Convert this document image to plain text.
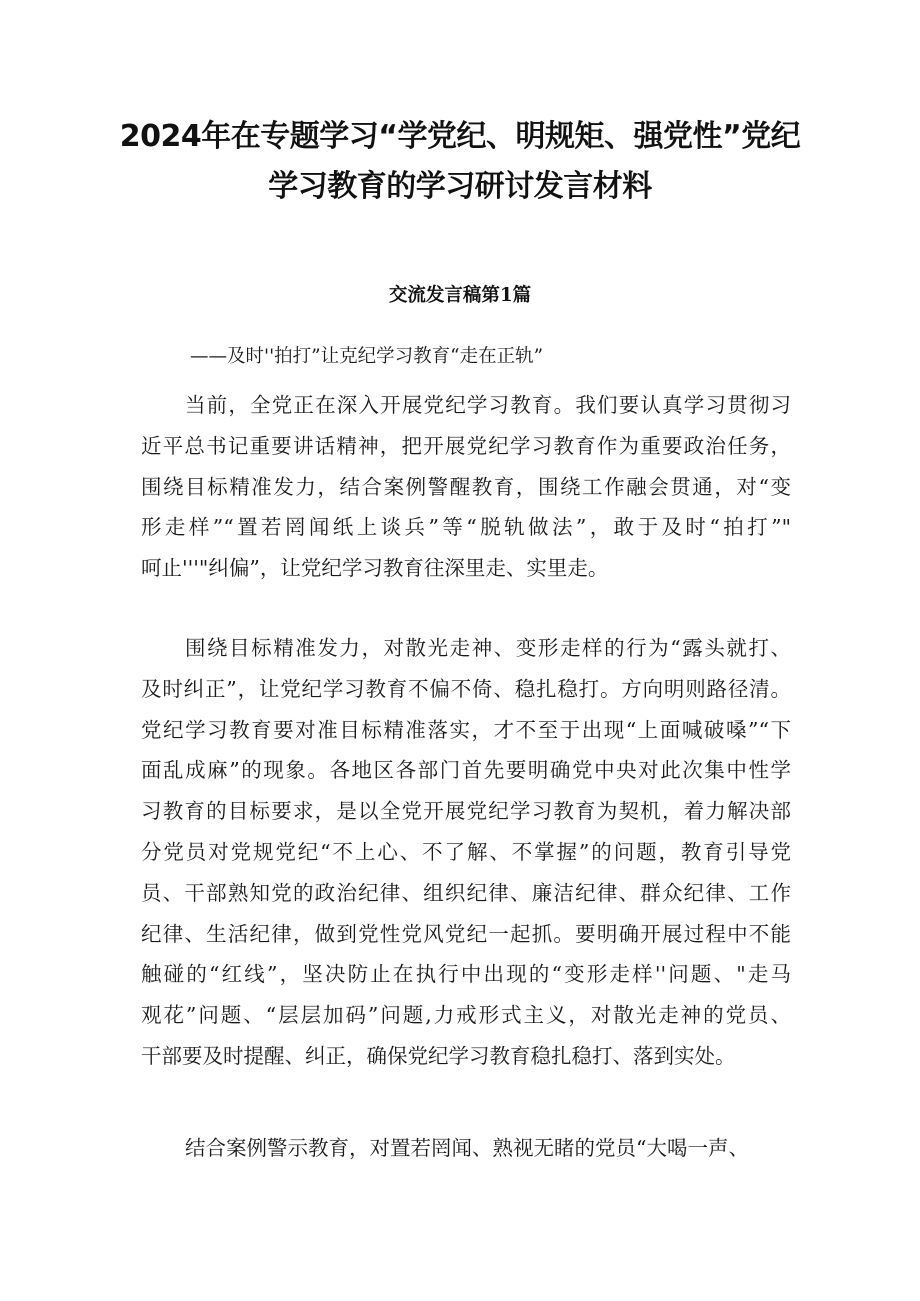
2024年在专题学习“学党纪、明规矩、强党性”党纪
学习教育的学习研讨发言材料
交流发言稿第1篇

——及时''拍打”让克纪学习教育“走在正轨”

当前，全党正在深入开展党纪学习教育。我们要认真学习贯彻习
近平总书记重要讲话精神，把开展党纪学习教育作为重要政治任务，
围绕目标精准发力，结合案例警醒教育，围绕工作融会贯通，对“变
形走样”“置若罔闻纸上谈兵”等“脱轨做法”，敢于及时“拍打”"
呵止'''"纠偏”，让党纪学习教育往深里走、实里走。
围绕目标精准发力，对散光走神、变形走样的行为“露头就打、
及时纠正”，让党纪学习教育不偏不倚、稳扎稳打。方向明则路径清。
党纪学习教育要对准目标精准落实，才不至于出现“上面喊破嗓”“下
面乱成麻”的现象。各地区各部门首先要明确党中央对此次集中性学
习教育的目标要求，是以全党开展党纪学习教育为契机，着力解决部
分党员对党规党纪“不上心、不了解、不掌握”的问题，教育引导党
员、干部熟知党的政治纪律、组织纪律、廉洁纪律、群众纪律、工作
纪律、生活纪律，做到党性党风党纪一起抓。要明确开展过程中不能
触碰的“红线”，坚决防止在执行中出现的“变形走样''问题、"走马
观花”问题、“层层加码”问题,力戒形式主义，对散光走神的党员、
干部要及时提醒、纠正，确保党纪学习教育稳扎稳打、落到实处。
结合案例警示教育，对置若罔闻、熟视无睹的党员“大喝一声、
